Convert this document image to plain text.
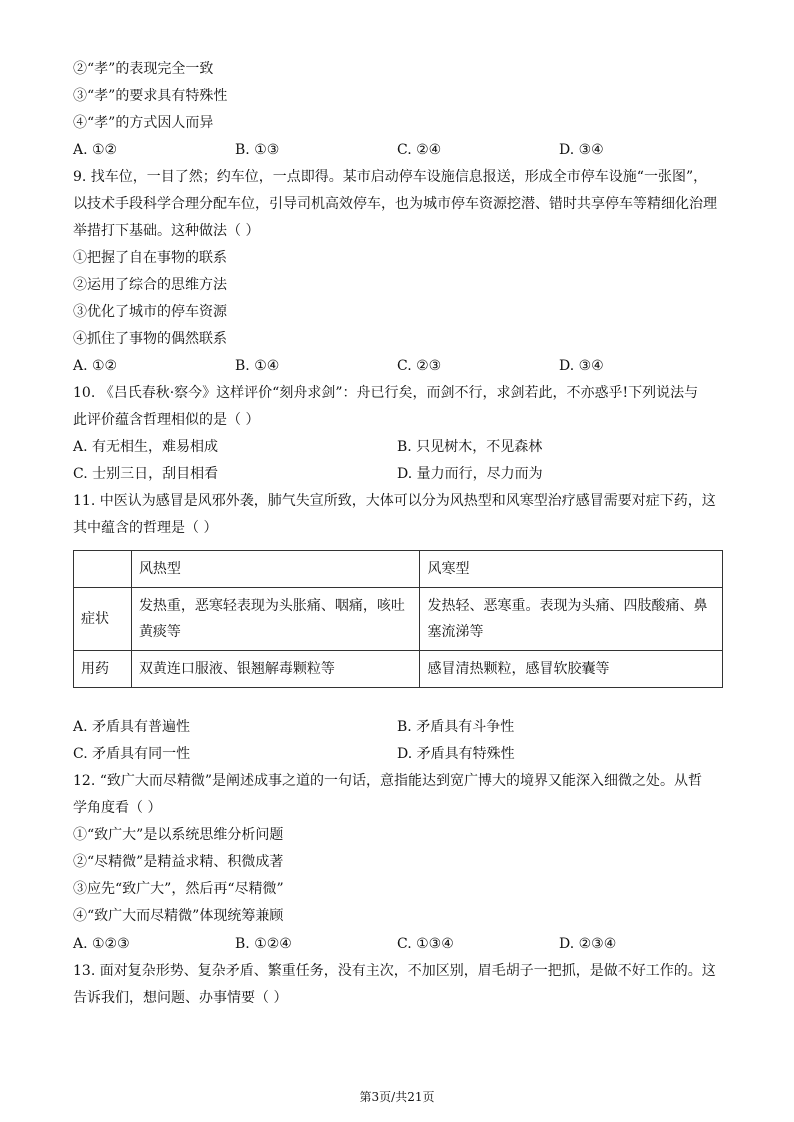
②“孝”的表现完全一致
③“孝”的要求具有特殊性
④“孝”的方式因人而异
A. ①②	B. ①③	C. ②④	D. ③④
9. 找车位，一目了然；约车位，一点即得。某市启动停车设施信息报送，形成全市停车设施“一张图”，
以技术手段科学合理分配车位，引导司机高效停车，也为城市停车资源挖潜、错时共享停车等精细化治理
举措打下基础。这种做法（ ）
①把握了自在事物的联系
②运用了综合的思维方法
③优化了城市的停车资源
④抓住了事物的偶然联系
A. ①②	B. ①④	C. ②③	D. ③④
10. 《吕氏春秋·察今》这样评价“刻舟求剑”：舟已行矣，而剑不行，求剑若此，不亦惑乎!下列说法与
此评价蕴含哲理相似的是（ ）
A. 有无相生，难易相成	B. 只见树木，不见森林
C. 士别三日，刮目相看	D. 量力而行，尽力而为
11. 中医认为感冒是风邪外袭，肺气失宣所致，大体可以分为风热型和风寒型治疗感冒需要对症下药，这
其中蕴含的哲理是（ ）
	风热型	风寒型
症状	发热重，恶寒轻表现为头胀痛、咽痛，咳吐黄痰等	发热轻、恶寒重。表现为头痛、四肢酸痛、鼻塞流涕等
用药	双黄连口服液、银翘解毒颗粒等	感冒清热颗粒，感冒软胶囊等
A. 矛盾具有普遍性	B. 矛盾具有斗争性
C. 矛盾具有同一性	D. 矛盾具有特殊性
12. “致广大而尽精微”是阐述成事之道的一句话，意指能达到宽广博大的境界又能深入细微之处。从哲
学角度看（ ）
①“致广大”是以系统思维分析问题
②“尽精微”是精益求精、积微成著
③应先“致广大”，然后再“尽精微”
④“致广大而尽精微”体现统筹兼顾
A. ①②③	B. ①②④	C. ①③④	D. ②③④
13. 面对复杂形势、复杂矛盾、繁重任务，没有主次，不加区别，眉毛胡子一把抓，是做不好工作的。这
告诉我们，想问题、办事情要（ ）
第3页/共21页
